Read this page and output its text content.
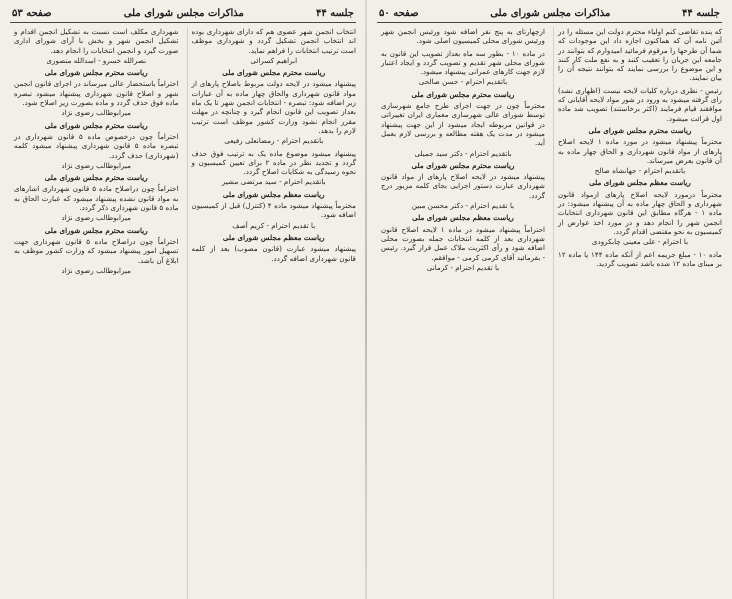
صفحه ۵۰	مذاکرات مجلس شورای ملی	جلسه ۴۴
که بنده تقاضی کنم اولیاء محترم دولت این مسئله را در آئین نامه آن که هماکنون اجازه داد این موجودات که شما آن طرحها را مرقوم فرمائید امیدوارم که بتوانند در جامعه این جریان را تعقیب کنند و به نفع ملت کار کنند و این موضوع را بررسی نمایند که بتوانند نتیجه آن را بیان نمایند.
رئیس - نظری درباره کلیات لایحه نیست (اظهاری نشد) رای گرفته میشود به ورود در شور مواد لایحه آقایانی که موافقند قیام فرمایند (اکثر برخاستند) تصویب شد ماده اول قرائت میشود.
ریاست محترم مجلس شورای ملی
محترماً پیشنهاد میشود در مورد ماده ۱ لایحه اصلاح پارهای از مواد قانون شهرداری و الحاق چهار ماده به آن قانون بعرض میرساند.
باتقدیم احترام - جهانشاه صالح
ریاست معظم مجلس شورای ملی
محترماً درمورد لایحه اصلاح پارهای ازمواد قانون شهرداری و الحاق چهار ماده به آن پیشنهاد میشود: در ماده ۱ - هرگاه مطابق این قانون شهرداری انتخابات انجمن شهر را انجام دهد و در مورد اخذ عوارض از کمیسیون به نحو مقتضی اقدام گردد.
با احترام - علی معینی چابکرودی
ماده ۱۰ - مبلغ جریمه اعم از آنکه ماده ۱۴۴ یا ماده ۱۲ بر مبنای ماده ۱۲ شده باشد تصویب گردید.
ازچهارتای به پنج نفر اضافه شود ورئیس انجمن شهر ورئیس شورای محلی کمیسیون اصلی شود.
در ماده ۱۰ - بطور سه ماه بعداز تصویب این قانون به شورای محلی شهر تقدیم و تصویب گردد و ایجاد اعتبار لازم جهت کارهای عمرانی پیشنهاد میشود.
باتقدیم احترام - حسن صالحی
ریاست محترم مجلس شورای ملی
محترماً چون در جهت اجرای طرح جامع شهرسازی توسط شورای عالی شهرسازی معماری ایران تغییراتی در قوانین مربوطه ایجاد میشود از این جهت پیشنهاد میشود در مدت یک هفته مطالعه و بررسی لازم بعمل آید.
باتقدیم احترام - دکتر سید جمیلی
ریاست محترم مجلس شورای ملی
پیشنهاد میشود در لایحه اصلاح پارهای از مواد قانون شهرداری عبارت دستور اجرایی بجای کلمه مزبور درج گردد.
با تقدیم احترام - دکتر محسن مبین
ریاست معظم مجلس شورای ملی
احتراماً پیشنهاد میشود در ماده ۱ لایحه اصلاح قانون شهرداری بعد از کلمه انتخابات جمله بصورت محلی اضافه شود و رأی اکثریت ملاک عمل قرار گیرد. رئیس - بفرمائید آقای کرمی کرمی - موافقم.
با تقدیم احترام - کرمانی
صفحه ۵۳	مذاکرات مجلس شورای ملی	جلسه ۴۴
انتخاب انجمن شهر عضوی هم که دارای شهرداری بوده اند انتخاب انجمن تشکیل گردد و شهرداری موظف است ترتیب انتخابات را فراهم نماید.
ابراهیم کسرائی
ریاست محترم مجلس شورای ملی
پیشنهاد میشود در لایحه دولت مربوط باصلاح پارهای از مواد قانون شهرداری والحاق چهار ماده به آن عبارات زیر اضافه شود: تبصره - انتخابات انجمن شهر تا یک ماه بعداز تصویب این قانون انجام گیرد و چنانچه در مهلت مقرر انجام نشود وزارت کشور موظف است ترتیب لازم را بدهد.
باتقدیم احترام - رمضانعلی رفیعی
پیشنهاد میشود موضوع ماده یک به ترتیب فوق حذف گردد و تجدید نظر در ماده ۲ برای تعیین کمیسیون و نحوه رسیدگی به شکایات اصلاح گردد.
باتقدیم احترام - سید مرتضی مشیر
ریاست معظم مجلس شورای ملی
محترماً پیشنهاد میشود ماده ۴ (کنترل) قبل از کمیسیون اضافه شود.
با تقدیم احترام - کریم آصف
ریاست معظم مجلس شورای ملی
پیشنهاد میشود عبارت (قانون مصوب) بعد از کلمه قانون شهرداری اضافه گردد.
شهرداری مکلف است نسبت به تشکیل انجمن اقدام و تشکیل انجمن شهر و بخش با آرای شورای اداری صورت گیرد و انجمن انتخابات را انجام دهد.
نصرالله خسرو - اسدالله منصوری
ریاست محترم مجلس شورای ملی
احتراماً باستحضار عالی میرساند در اجرای قانون انجمن شهر و اصلاح قانون شهرداری پیشنهاد میشود تبصره ماده فوق حذف گردد و ماده بصورت زیر اصلاح شود.
میرابوطالب رضوی نژاد
ریاست محترم مجلس شورای ملی
احتراماً چون درخصوص ماده ۵ قانون شهرداری در تبصره ماده ۵ قانون شهرداری پیشنهاد میشود کلمه (شهرداری) حذف گردد.
میرابوطالب رضوی نژاد
ریاست محترم مجلس شورای ملی
احتراماً چون دراصلاح ماده ۵ قانون شهرداری اشارهای به مواد قانون نشده پیشنهاد میشود که عبارت الحاق به ماده ۵ قانون شهرداری ذکر گردد.
میرابوطالب رضوی نژاد
ریاست محترم مجلس شورای ملی
احتراماً چون دراصلاح ماده ۵ قانون شهرداری جهت تسهیل امور پیشنهاد میشود که وزارت کشور موظف به ابلاغ آن باشد.
میرابوطالب رضوی نژاد
